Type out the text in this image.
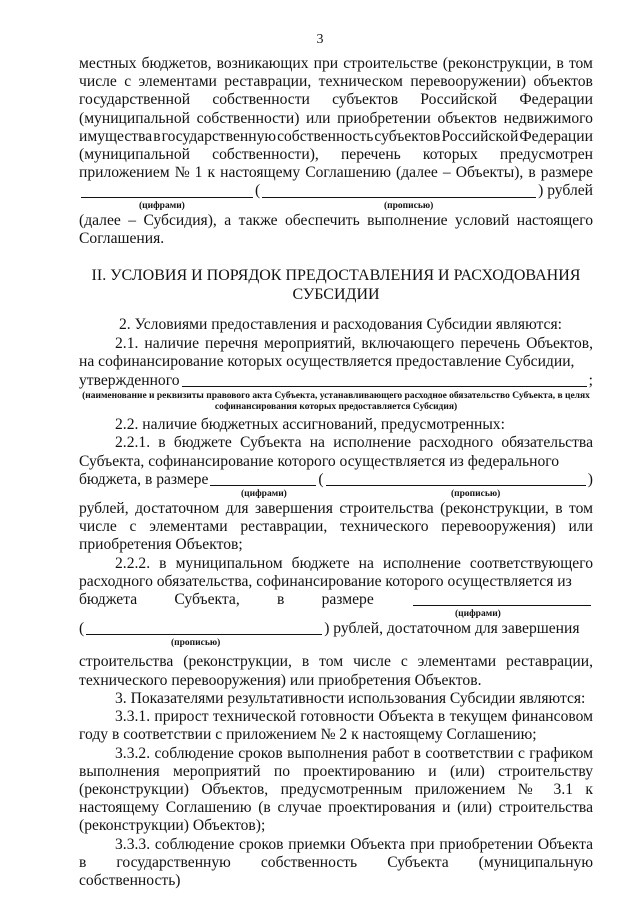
3

местных бюджетов, возникающих при строительстве (реконструкции, в том
числе с элементами реставрации, техническом перевооружении) объектов
государственной собственности субъектов Российской Федерации
(муниципальной собственности) или приобретении объектов недвижимого
имущества в государственную собственность субъектов Российской Федерации
(муниципальной собственности), перечень которых предусмотрен
приложением № 1 к настоящему Соглашению (далее – Объекты), в размере

(	) рублей
(цифрами)	(прописью)

(далее – Субсидия), а также обеспечить выполнение условий настоящего Соглашения.

II. УСЛОВИЯ И ПОРЯДОК ПРЕДОСТАВЛЕНИЯ И РАСХОДОВАНИЯ СУБСИДИИ

2. Условиями предоставления и расходования Субсидии являются:

2.1. наличие перечня мероприятий, включающего перечень Объектов, на софинансирование которых осуществляется предоставление Субсидии,

утвержденного	;
(наименование и реквизиты правового акта Субъекта, устанавливающего расходное обязательство Субъекта, в целях софинансирования которых предоставляется Субсидия)

2.2. наличие бюджетных ассигнований, предусмотренных:

2.2.1. в бюджете Субъекта на исполнение расходного обязательства Субъекта, софинансирование которого осуществляется из федерального

бюджета, в размере	(	)
(цифрами)	(прописью)

рублей, достаточном для завершения строительства (реконструкции, в том числе с элементами реставрации, технического перевооружения) или приобретения Объектов;

2.2.2. в муниципальном бюджете на исполнение соответствующего расходного обязательства, софинансирование которого осуществляется из

бюджета Субъекта, в размере
(цифрами)
(	) рублей, достаточном для завершения
(прописью)

строительства (реконструкции, в том числе с элементами реставрации, технического перевооружения) или приобретения Объектов.

3. Показателями результативности использования Субсидии являются:

3.3.1. прирост технической готовности Объекта в текущем финансовом году в соответствии с приложением № 2 к настоящему Соглашению;

3.3.2. соблюдение сроков выполнения работ в соответствии с графиком выполнения мероприятий по проектированию и (или) строительству (реконструкции) Объектов, предусмотренным приложением № 3.1 к настоящему Соглашению (в случае проектирования и (или) строительства (реконструкции) Объектов);

3.3.3. соблюдение сроков приемки Объекта при приобретении Объекта в государственную собственность Субъекта (муниципальную собственность)
